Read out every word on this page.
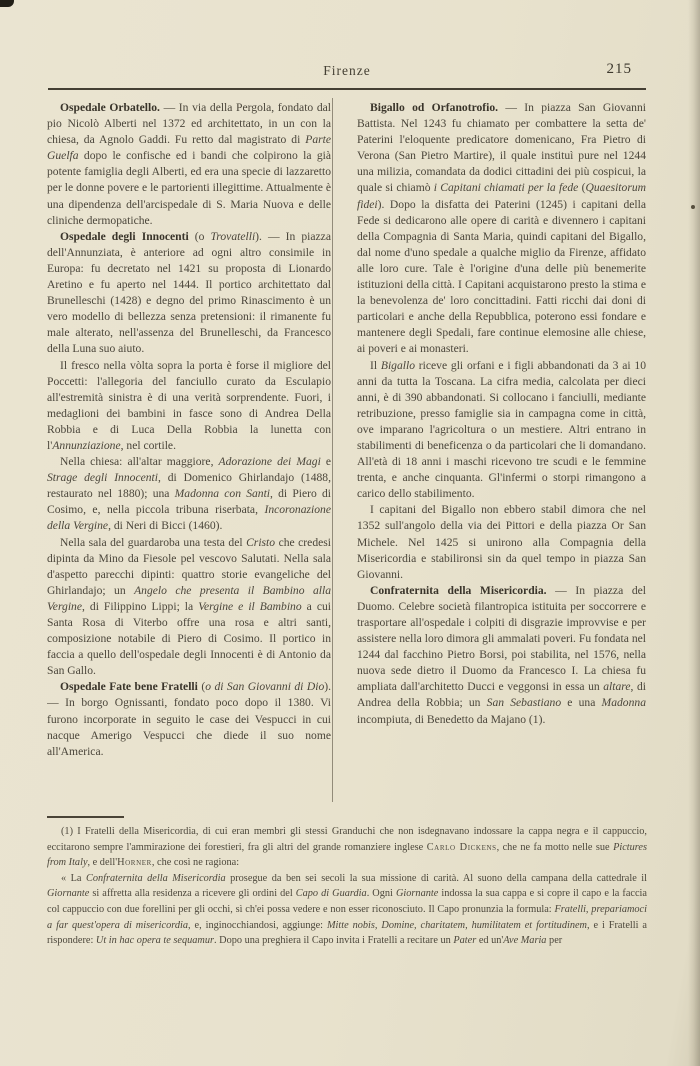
Firenze	215

Ospedale Orbatello. — In via della Pergola, fondato dal pio Nicolò Alberti nel 1372 ed architettato, in un con la chiesa, da Agnolo Gaddi. Fu retto dal magistrato di Parte Guelfa dopo le confische ed i bandi che colpirono la già potente famiglia degli Alberti, ed era una specie di lazzaretto per le donne povere e le partorienti illegittime. Attualmente è una dipendenza dell'arcispedale di S. Maria Nuova e delle cliniche dermopatiche.

Ospedale degli Innocenti (o Trovatelli). — In piazza dell'Annunziata, è anteriore ad ogni altro consimile in Europa: fu decretato nel 1421 su proposta di Lionardo Aretino e fu aperto nel 1444. Il portico architettato dal Brunelleschi (1428) e degno del primo Rinascimento è un vero modello di bellezza senza pretensioni: il rimanente fu male alterato, nell'assenza del Brunelleschi, da Francesco della Luna suo aiuto.

Il fresco nella vòlta sopra la porta è forse il migliore del Poccetti: l'allegoria del fanciullo curato da Esculapio all'estremità sinistra è di una verità sorprendente. Fuori, i medaglioni dei bambini in fasce sono di Andrea Della Robbia e di Luca Della Robbia la lunetta con l'Annunziazione, nel cortile.

Nella chiesa: all'altar maggiore, Adorazione dei Magi e Strage degli Innocenti, di Domenico Ghirlandajo (1488, restaurato nel 1880); una Madonna con Santi, di Piero di Cosimo, e, nella piccola tribuna riserbata, Incoronazione della Vergine, di Neri di Bicci (1460).

Nella sala del guardaroba una testa del Cristo che credesi dipinta da Mino da Fiesole pel vescovo Salutati. Nella sala d'aspetto parecchi dipinti: quattro storie evangeliche del Ghirlandajo; un Angelo che presenta il Bambino alla Vergine, di Filippino Lippi; la Vergine e il Bambino a cui Santa Rosa di Viterbo offre una rosa e altri santi, composizione notabile di Piero di Cosimo. Il portico in faccia a quello dell'ospedale degli Innocenti è di Antonio da San Gallo.

Ospedale Fate bene Fratelli (o di San Giovanni di Dio). — In borgo Ognissanti, fondato poco dopo il 1380. Vi furono incorporate in seguito le case dei Vespucci in cui nacque Amerigo Vespucci che diede il suo nome all'America.

Bigallo od Orfanotrofio. — In piazza San Giovanni Battista. Nel 1243 fu chiamato per combattere la setta de' Paterini l'eloquente predicatore domenicano, Fra Pietro di Verona (San Pietro Martire), il quale instituì pure nel 1244 una milizia, comandata da dodici cittadini dei più cospicui, la quale si chiamò i Capitani chiamati per la fede (Quaesitorum fidei). Dopo la disfatta dei Paterini (1245) i capitani della Fede si dedicarono alle opere di carità e divennero i capitani della Compagnia di Santa Maria, quindi capitani del Bigallo, dal nome d'uno spedale a qualche miglio da Firenze, affidato alle loro cure. Tale è l'origine d'una delle più benemerite istituzioni della città. I Capitani acquistarono presto la stima e la benevolenza de' loro concittadini. Fatti ricchi dai doni di particolari e anche della Repubblica, poterono essi fondare e mantenere degli Spedali, fare continue elemosine alle chiese, ai poveri e ai monasteri.

Il Bigallo riceve gli orfani e i figli abbandonati da 3 ai 10 anni da tutta la Toscana. La cifra media, calcolata per dieci anni, è di 390 abbandonati. Si collocano i fanciulli, mediante retribuzione, presso famiglie sia in campagna come in città, ove imparano l'agricoltura o un mestiere. Altri entrano in stabilimenti di beneficenza o da particolari che li domandano. All'età di 18 anni i maschi ricevono tre scudi e le femmine trenta, e anche cinquanta. Gl'infermi o storpi rimangono a carico dello stabilimento.

I capitani del Bigallo non ebbero stabil dimora che nel 1352 sull'angolo della via dei Pittori e della piazza Or San Michele. Nel 1425 si unirono alla Compagnia della Misericordia e stabilironsi sin da quel tempo in piazza San Giovanni.

Confraternita della Misericordia. — In piazza del Duomo. Celebre società filantropica istituita per soccorrere e trasportare all'ospedale i colpiti di disgrazie improvvise e per assistere nella loro dimora gli ammalati poveri. Fu fondata nel 1244 dal facchino Pietro Borsi, poi stabilita, nel 1576, nella nuova sede dietro il Duomo da Francesco I. La chiesa fu ampliata dall'architetto Ducci e veggonsi in essa un altare, di Andrea della Robbia; un San Sebastiano e una Madonna incompiuta, di Benedetto da Majano (1).

(1) I Fratelli della Misericordia, di cui eran membri gli stessi Granduchi che non isdegnavano indossare la cappa negra e il cappuccio, eccitarono sempre l'ammirazione dei forestieri, fra gli altri del grande romanziere inglese Carlo Dickens, che ne fa motto nelle sue Pictures from Italy, e dell'Horner, che così ne ragiona:

« La Confraternita della Misericordia prosegue da ben sei secoli la sua missione di carità. Al suono della campana della cattedrale il Giornante si affretta alla residenza a ricevere gli ordini del Capo di Guardia. Ogni Giornante indossa la sua cappa e si copre il capo e la faccia col cappuccio con due forellini per gli occhi, sì ch'ei possa vedere e non esser riconosciuto. Il Capo pronunzia la formula: Fratelli, prepariamoci a far quest'opera di misericordia, e, inginocchiandosi, aggiunge: Mitte nobis, Domine, charitatem, humilitatem et fortitudinem, e i Fratelli a rispondere: Ut in hac opera te sequamur. Dopo una preghiera il Capo invita i Fratelli a recitare un Pater ed un'Ave Maria per
